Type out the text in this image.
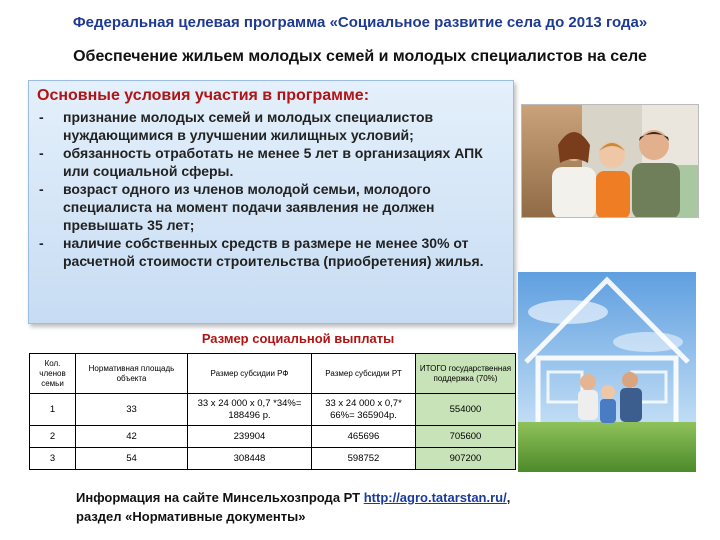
Федеральная целевая программа «Социальное развитие села до 2013 года»
Обеспечение жильем молодых семей и молодых специалистов на селе
Основные условия участия в программе:
- признание молодых семей и молодых специалистов нуждающимися в улучшении жилищных условий;
- обязанность отработать не менее 5 лет в организациях АПК или социальной сферы.
- возраст одного из членов молодой семьи, молодого специалиста на момент подачи заявления не должен превышать 35 лет;
- наличие собственных средств в размере не менее 30% от расчетной стоимости строительства (приобретения) жилья.
Размер социальной выплаты
Кол. членов семьи	Нормативная площадь объекта	Размер субсидии РФ	Размер субсидии РТ	ИТОГО государственная поддержка (70%)
1	33	33 х 24 000 х 0,7 *34%= 188496 р.	33 х 24 000 х 0,7* 66%= 365904р.	554000
2	42	239904	465696	705600
3	54	308448	598752	907200
Информация на сайте Минсельхозпрода РТ http://agro.tatarstan.ru/,
раздел «Нормативные документы»
